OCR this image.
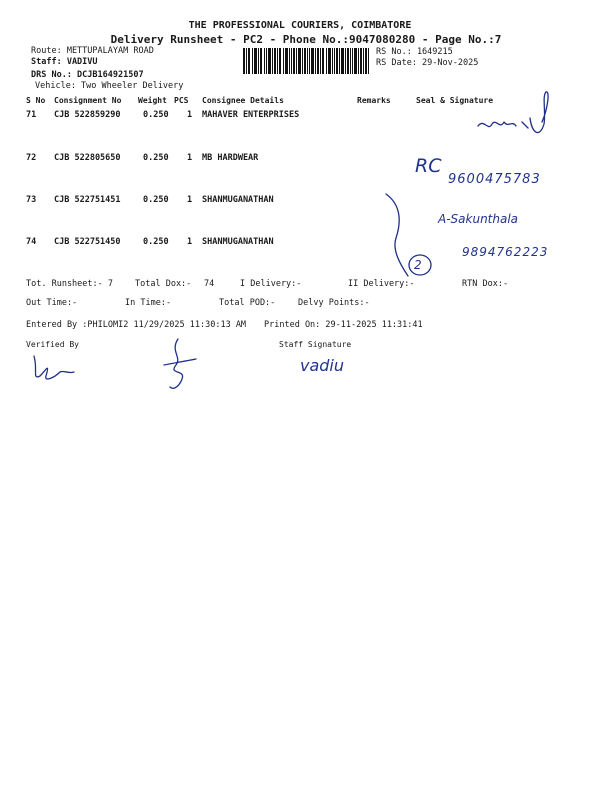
THE PROFESSIONAL COURIERS, COIMBATORE
Delivery Runsheet - PC2 - Phone No.:9047080280 - Page No.:7
Route: METTUPALAYAM ROAD
Staff: VADIVU
DRS No.: DCJB164921507
Vehicle: Two Wheeler Delivery
RS No.: 1649215
RS Date: 29-Nov-2025
S No Consignment No Weight PCS Consignee Details	Remarks	Seal & Signature
71 CJB 522859290	0.250 1 MAHAVER ENTERPRISES
72 CJB 522805650	0.250 1 MB HARDWEAR
73 CJB 522751451	0.250 1 SHANMUGANATHAN
74 CJB 522751450	0.250 1 SHANMUGANATHAN
Tot. Runsheet:- 7	Total Dox:- 74	I Delivery:-	II Delivery:-	RTN Dox:-
Out Time:-	In Time:-	Total POD:-	Delvy Points:-
Entered By :PHILOMI2 11/29/2025 11:30:13 AM Printed On: 29-11-2025 11:31:41
Verified By	Staff Signature
RC
9600475783
2
A-Sakunthala
9894762223
vadiu
